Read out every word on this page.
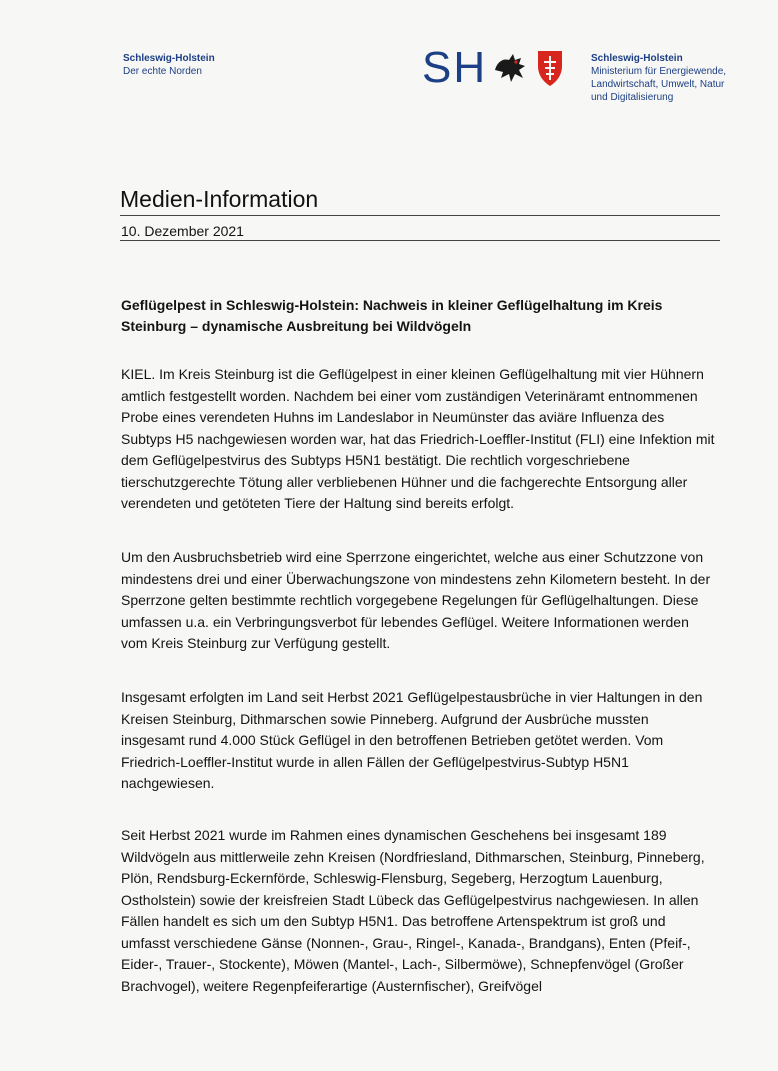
Schleswig-Holstein
Der echte Norden	SH	Schleswig-Holstein
Ministerium für Energiewende,
Landwirtschaft, Umwelt, Natur
und Digitalisierung
Medien-Information
10. Dezember 2021
Geflügelpest in Schleswig-Holstein: Nachweis in kleiner Geflügelhaltung im Kreis Steinburg – dynamische Ausbreitung bei Wildvögeln

KIEL. Im Kreis Steinburg ist die Geflügelpest in einer kleinen Geflügelhaltung mit vier Hühnern amtlich festgestellt worden. Nachdem bei einer vom zuständigen Veterinäramt entnommenen Probe eines verendeten Huhns im Landeslabor in Neumünster das aviäre Influenza des Subtyps H5 nachgewiesen worden war, hat das Friedrich-Loeffler-Institut (FLI) eine Infektion mit dem Geflügelpestvirus des Subtyps H5N1 bestätigt. Die rechtlich vorgeschriebene tierschutzgerechte Tötung aller verbliebenen Hühner und die fachgerechte Entsorgung aller verendeten und getöteten Tiere der Haltung sind bereits erfolgt.

Um den Ausbruchsbetrieb wird eine Sperrzone eingerichtet, welche aus einer Schutzzone von mindestens drei und einer Überwachungszone von mindestens zehn Kilometern besteht. In der Sperrzone gelten bestimmte rechtlich vorgegebene Regelungen für Geflügelhaltungen. Diese umfassen u.a. ein Verbringungsverbot für lebendes Geflügel. Weitere Informationen werden vom Kreis Steinburg zur Verfügung gestellt.

Insgesamt erfolgten im Land seit Herbst 2021 Geflügelpestausbrüche in vier Haltungen in den Kreisen Steinburg, Dithmarschen sowie Pinneberg. Aufgrund der Ausbrüche mussten insgesamt rund 4.000 Stück Geflügel in den betroffenen Betrieben getötet werden. Vom Friedrich-Loeffler-Institut wurde in allen Fällen der Geflügelpestvirus-Subtyp H5N1 nachgewiesen.

Seit Herbst 2021 wurde im Rahmen eines dynamischen Geschehens bei insgesamt 189 Wildvögeln aus mittlerweile zehn Kreisen (Nordfriesland, Dithmarschen, Steinburg, Pinneberg, Plön, Rendsburg-Eckernförde, Schleswig-Flensburg, Segeberg, Herzogtum Lauenburg, Ostholstein) sowie der kreisfreien Stadt Lübeck das Geflügelpestvirus nachgewiesen. In allen Fällen handelt es sich um den Subtyp H5N1. Das betroffene Artenspektrum ist groß und umfasst verschiedene Gänse (Nonnen-, Grau-, Ringel-, Kanada-, Brandgans), Enten (Pfeif-, Eider-, Trauer-, Stockente), Möwen (Mantel-, Lach-, Silbermöwe), Schnepfenvögel (Großer Brachvogel), weitere Regenpfeiferartige (Austernfischer), Greifvögel
